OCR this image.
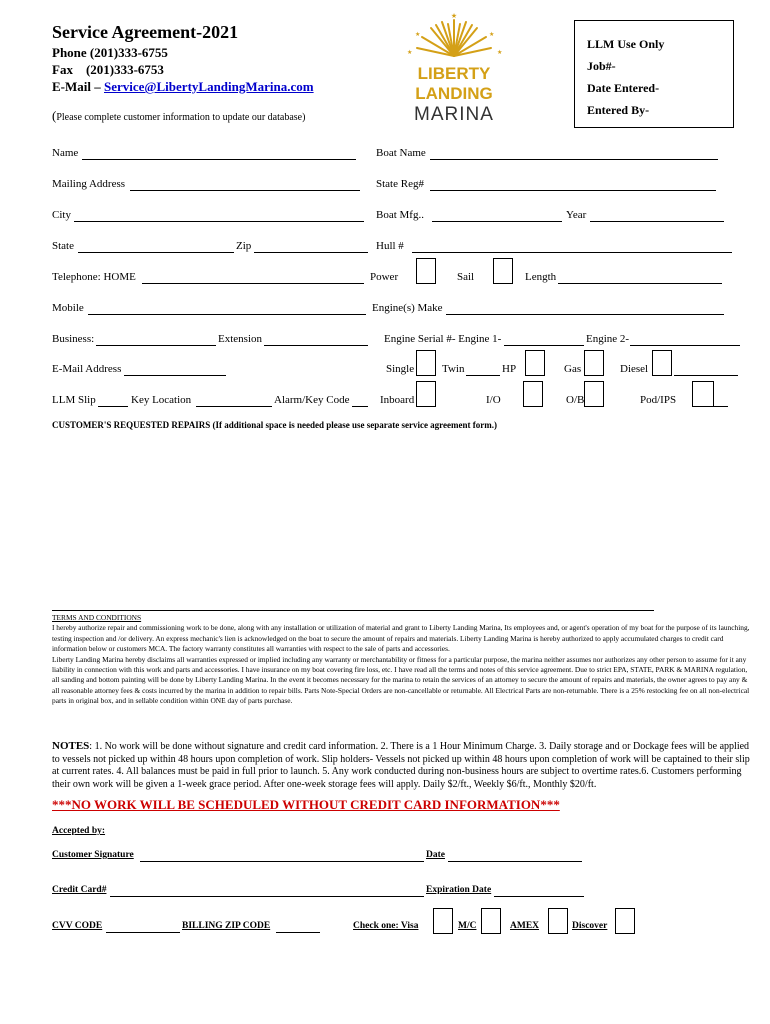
Service Agreement-2021
Phone (201)333-6755
Fax    (201)333-6753
E-Mail – Service@LibertyLandingMarina.com
(Please complete customer information to update our database)
★
★	★
★	★
LIBERTY
LANDING
MARINA
LLM Use Only
Job#-
Date Entered-
Entered By-
Name	Boat Name
Mailing Address	State Reg#
City	Boat Mfg..	Year
State	Zip	Hull #
Telephone: HOME	Power	Sail	Length
Mobile	Engine(s) Make
Business:	Extension	Engine Serial #- Engine 1-	Engine 2-
E-Mail Address	Single	Twin	HP	Gas	Diesel
LLM Slip	Key Location	Alarm/Key Code	Inboard	I/O	O/B	Pod/IPS
CUSTOMER'S REQUESTED REPAIRS (If additional space is needed please use separate service agreement form.)
TERMS AND CONDITIONS
I hereby authorize repair and commissioning work to be done, along with any installation or utilization of material and grant to Liberty Landing Marina, Its employees and, or agent's operation of my boat for the purpose of its launching, testing inspection and /or delivery. An express mechanic's lien is acknowledged on the boat to secure the amount of repairs and materials. Liberty Landing Marina is hereby authorized to apply accumulated charges to credit card information below or customers MCA. The factory warranty constitutes all warranties with respect to the sale of parts and accessories.
Liberty Landing Marina hereby disclaims all warranties expressed or implied including any warranty or merchantability or fitness for a particular purpose, the marina neither assumes nor authorizes any other person to assume for it any liability in connection with this work and parts and accessories. I have insurance on my boat covering fire loss, etc. I have read all the terms and notes of this service agreement. Due to strict EPA, STATE, PARK & MARINA regulation, all sanding and bottom painting will be done by Liberty Landing Marina. In the event it becomes necessary for the marina to retain the services of an attorney to secure the amount of repairs and materials, the owner agrees to pay any & all reasonable attorney fees & costs incurred by the marina in addition to repair bills. Parts Note-Special Orders are non-cancellable or returnable. All Electrical Parts are non-returnable. There is a 25% restocking fee on all non-electrical parts in original box, and in sellable condition within ONE day of parts purchase.
NOTES: 1. No work will be done without signature and credit card information. 2. There is a 1 Hour Minimum Charge. 3. Daily storage and or Dockage fees will be applied to vessels not picked up within 48 hours upon completion of work. Slip holders- Vessels not picked up within 48 hours upon completion of work will be captained to their slip at current rates. 4. All balances must be paid in full prior to launch. 5. Any work conducted during non-business hours are subject to overtime rates.6. Customers performing their own work will be given a 1-week grace period. After one-week storage fees will apply. Daily $2/ft., Weekly $6/ft., Monthly $20/ft.
***NO WORK WILL BE SCHEDULED WITHOUT CREDIT CARD INFORMATION***
Accepted by:
Customer Signature	Date
Credit Card#	Expiration Date
CVV CODE	BILLING ZIP CODE	Check one: Visa	M/C	AMEX	Discover
